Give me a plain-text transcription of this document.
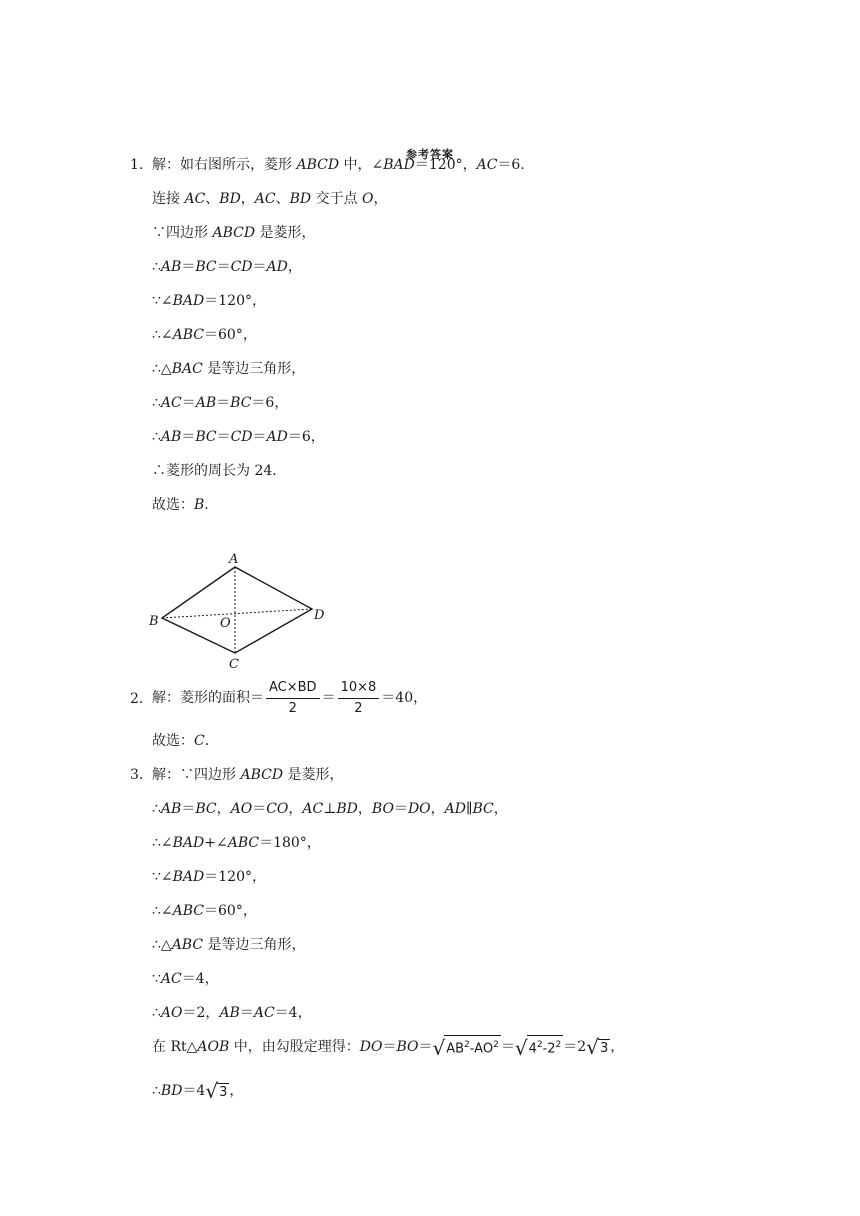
参考答案
1． 解：如右图所示，菱形 ABCD 中，∠BAD＝120°，AC＝6．
连接 AC、BD，AC、BD 交于点 O，
∵四边形 ABCD 是菱形，
∴AB＝BC＝CD＝AD，
∵∠BAD＝120°，
∴∠ABC＝60°，
∴△BAC 是等边三角形，
∴AC＝AB＝BC＝6，
∴AB＝BC＝CD＝AD＝6，
∴菱形的周长为 24．
故选：B．
A
B
C
D
O
2． 解：菱形的面积＝ $\frac{AC\times BD}{2} = \frac{10\times 8}{2} =40$，
故选：C．
3． 解：∵四边形 ABCD 是菱形，
∴AB＝BC，AO＝CO，AC⊥BD，BO＝DO，AD∥BC，
∴∠BAD+∠ABC＝180°，
∵∠BAD＝120°，
∴∠ABC＝60°，
∴△ABC 是等边三角形，
∵AC＝4，
∴AO＝2，AB＝AC＝4，
在 Rt△AOB 中，由勾股定理得：DO＝BO＝ √ $AB^2-AO^2$ ＝ √ $4^2-2^2 =2$ √ 3 ，
∴BD＝4 √ 3 ，
